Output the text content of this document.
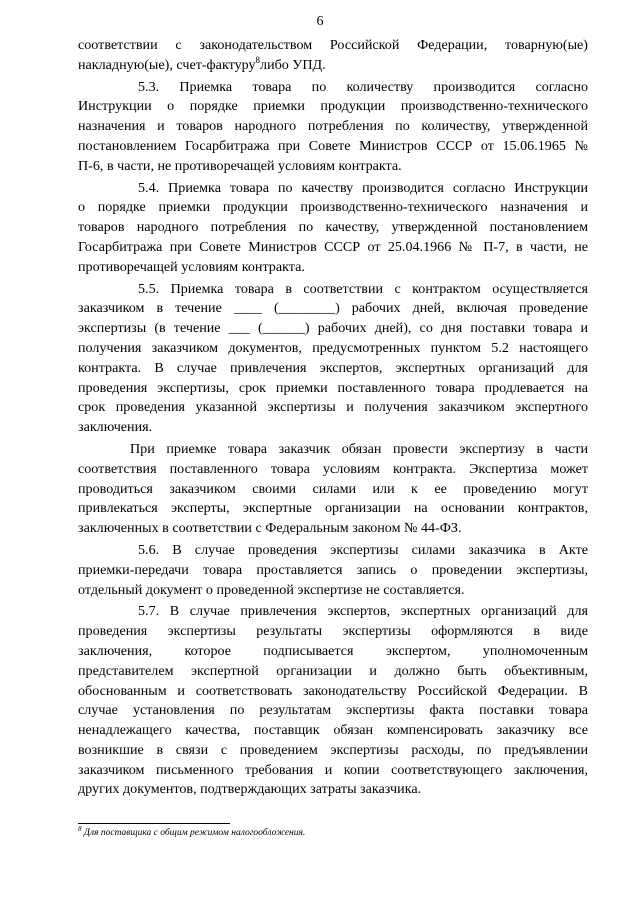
6

соответствии с законодательством Российской Федерации, товарную(ые)
накладную(ые), счет-фактуру$^8$либо УПД.

5.3. Приемка товара по количеству производится согласно
Инструкции о порядке приемки продукции производственно-технического
назначения и товаров народного потребления по количеству, утвержденной
постановлением Госарбитража при Совете Министров СССР от 15.06.1965 №
П-6, в части, не противоречащей условиям контракта.

5.4. Приемка товара по качеству производится согласно Инструкции
о порядке приемки продукции производственно-технического назначения и
товаров народного потребления по качеству, утвержденной постановлением
Госарбитража при Совете Министров СССР от 25.04.1966 № П-7, в части, не
противоречащей условиям контракта.

5.5. Приемка товара в соответствии с контрактом осуществляется
заказчиком в течение ____ (________) рабочих дней, включая проведение
экспертизы (в течение ___ (______) рабочих дней), со дня поставки товара и
получения заказчиком документов, предусмотренных пунктом 5.2 настоящего
контракта. В случае привлечения экспертов, экспертных организаций для
проведения экспертизы, срок приемки поставленного товара продлевается на
срок проведения указанной экспертизы и получения заказчиком экспертного
заключения.

При приемке товара заказчик обязан провести экспертизу в части
соответствия поставленного товара условиям контракта. Экспертиза может
проводиться заказчиком своими силами или к ее проведению могут
привлекаться эксперты, экспертные организации на основании контрактов,
заключенных в соответствии с Федеральным законом № 44-ФЗ.

5.6. В случае проведения экспертизы силами заказчика в Акте
приемки-передачи товара проставляется запись о проведении экспертизы,
отдельный документ о проведенной экспертизе не составляется.

5.7. В случае привлечения экспертов, экспертных организаций для
проведения экспертизы результаты экспертизы оформляются в виде
заключения, которое подписывается экспертом, уполномоченным
представителем экспертной организации и должно быть объективным,
обоснованным и соответствовать законодательству Российской Федерации. В
случае установления по результатам экспертизы факта поставки товара
ненадлежащего качества, поставщик обязан компенсировать заказчику все
возникшие в связи с проведением экспертизы расходы, по предъявлении
заказчиком письменного требования и копии соответствующего заключения,
других документов, подтверждающих затраты заказчика.

$^8$ Для поставщика с общим режимом налогообложения.
